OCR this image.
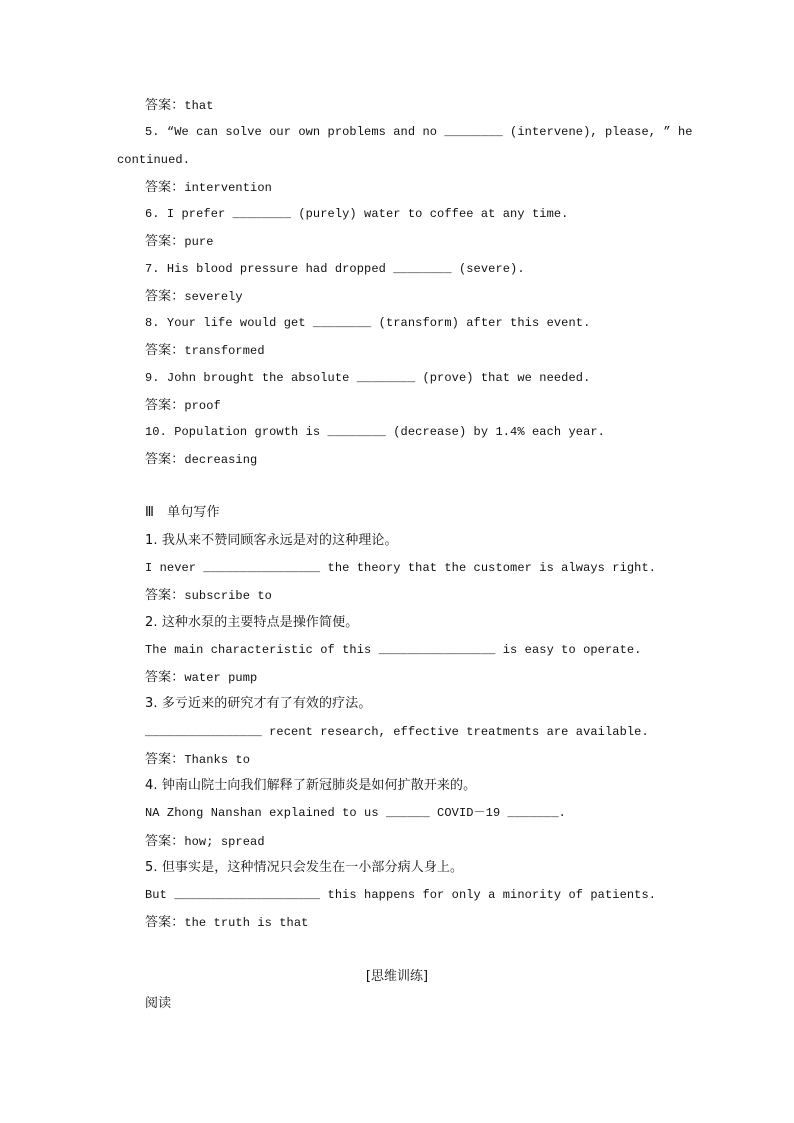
答案：that
5. “We can solve our own problems and no ________ (intervene), please, ” he
continued.
答案：intervention
6. I prefer ________ (purely) water to coffee at any time.
答案：pure
7. His blood pressure had dropped ________ (severe).
答案：severely
8. Your life would get ________ (transform) after this event.
答案：transformed
9. John brought the absolute ________ (prove) that we needed.
答案：proof
10. Population growth is ________ (decrease) by 1.4% each year.
答案：decreasing
Ⅲ　单句写作
1. 我从来不赞同顾客永远是对的这种理论。
I never ________________ the theory that the customer is always right.
答案：subscribe to
2. 这种水泵的主要特点是操作简便。
The main characteristic of this ________________ is easy to operate.
答案：water pump
3. 多亏近来的研究才有了有效的疗法。
________________ recent research, effective treatments are available.
答案：Thanks to
4. 钟南山院士向我们解释了新冠肺炎是如何扩散开来的。
NA Zhong Nanshan explained to us ______ COVID－19 _______.
答案：how; spread
5. 但事实是，这种情况只会发生在一小部分病人身上。
But ____________________ this happens for only a minority of patients.
答案：the truth is that
[思维训练]
阅读
